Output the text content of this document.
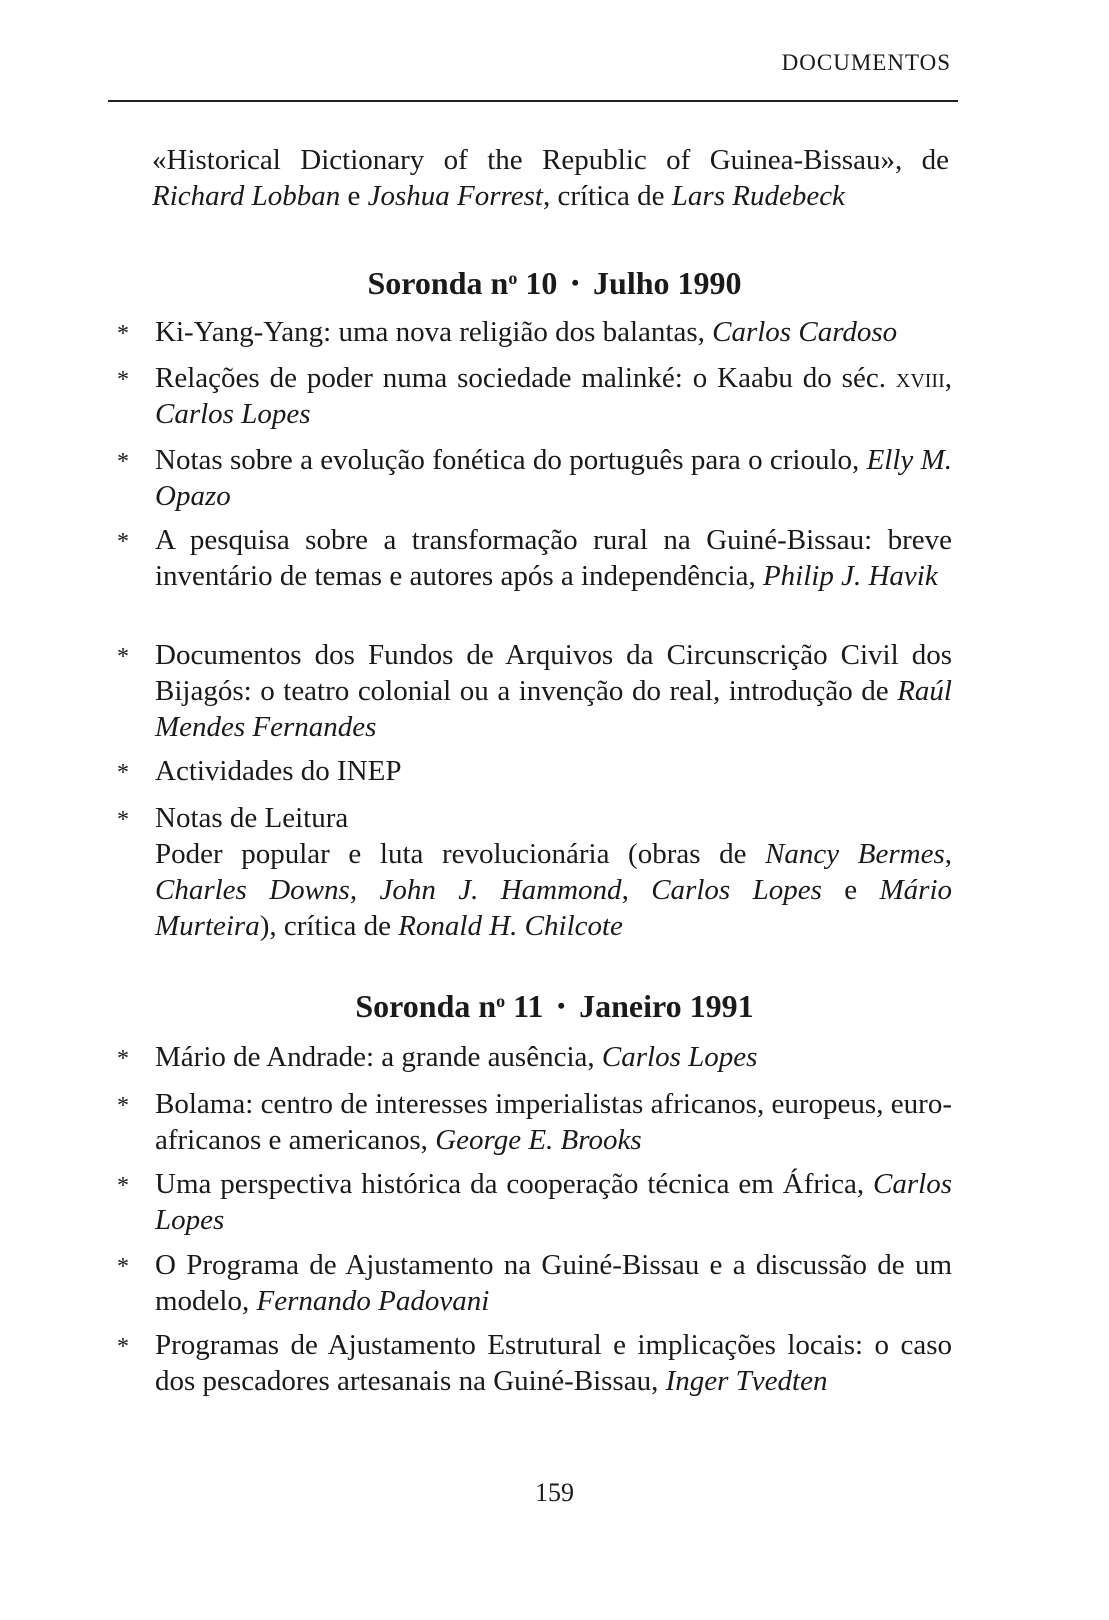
DOCUMENTOS
«Historical Dictionary of the Republic of Guinea-Bissau», de Richard Lobban e Joshua Forrest, crítica de Lars Rudebeck
Soronda $n^o$ 10 • Julho 1990
* Ki-Yang-Yang: uma nova religião dos balantas, Carlos Cardoso
* Relações de poder numa sociedade malinké: o Kaabu do séc. xviii, Carlos Lopes
* Notas sobre a evolução fonética do português para o crioulo, Elly M. Opazo
* A pesquisa sobre a transformação rural na Guiné-Bissau: breve inventário de temas e autores após a independência, Philip J. Havik
* Documentos dos Fundos de Arquivos da Circunscrição Civil dos Bijagós: o teatro colonial ou a invenção do real, introdução de Raúl Mendes Fernandes
* Actividades do INEP
* Notas de Leitura
Poder popular e luta revolucionária (obras de Nancy Bermes, Charles Downs, John J. Hammond, Carlos Lopes e Mário Murteira), crítica de Ronald H. Chilcote
Soronda $n^o$ 11 • Janeiro 1991
* Mário de Andrade: a grande ausência, Carlos Lopes
* Bolama: centro de interesses imperialistas africanos, europeus, euro-africanos e americanos, George E. Brooks
* Uma perspectiva histórica da cooperação técnica em África, Carlos Lopes
* O Programa de Ajustamento na Guiné-Bissau e a discussão de um modelo, Fernando Padovani
* Programas de Ajustamento Estrutural e implicações locais: o caso dos pescadores artesanais na Guiné-Bissau, Inger Tvedten
159
